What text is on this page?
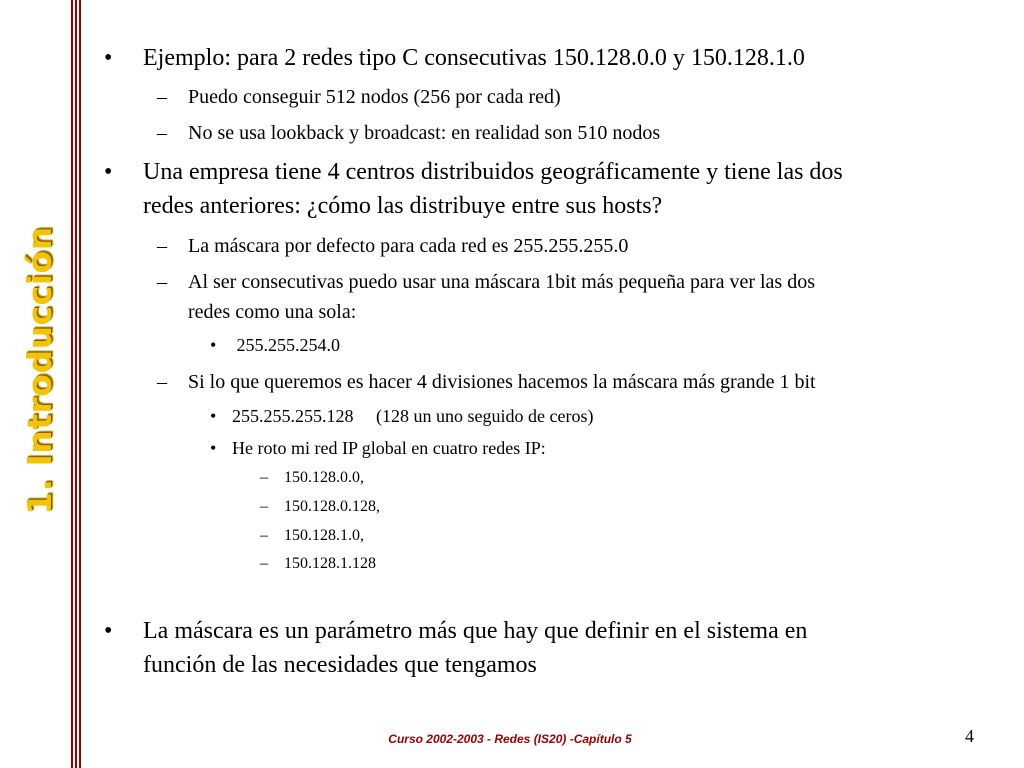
1. Introducción
• Ejemplo: para 2 redes tipo C consecutivas 150.128.0.0 y 150.128.1.0
– Puedo conseguir 512 nodos (256 por cada red)
– No se usa lookback y broadcast: en realidad son 510 nodos
• Una empresa tiene 4 centros distribuidos geográficamente y tiene las dos
redes anteriores: ¿cómo las distribuye entre sus hosts?
– La máscara por defecto para cada red es 255.255.255.0
– Al ser consecutivas puedo usar una máscara 1bit más pequeña para ver las dos
redes como una sola:
• 255.255.254.0
– Si lo que queremos es hacer 4 divisiones hacemos la máscara más grande 1 bit
• 255.255.255.128     (128 un uno seguido de ceros)
• He roto mi red IP global en cuatro redes IP:
– 150.128.0.0,
– 150.128.0.128,
– 150.128.1.0,
– 150.128.1.128
• La máscara es un parámetro más que hay que definir en el sistema en
función de las necesidades que tengamos
Curso 2002-2003 - Redes (IS20) -Capítulo 5	4
